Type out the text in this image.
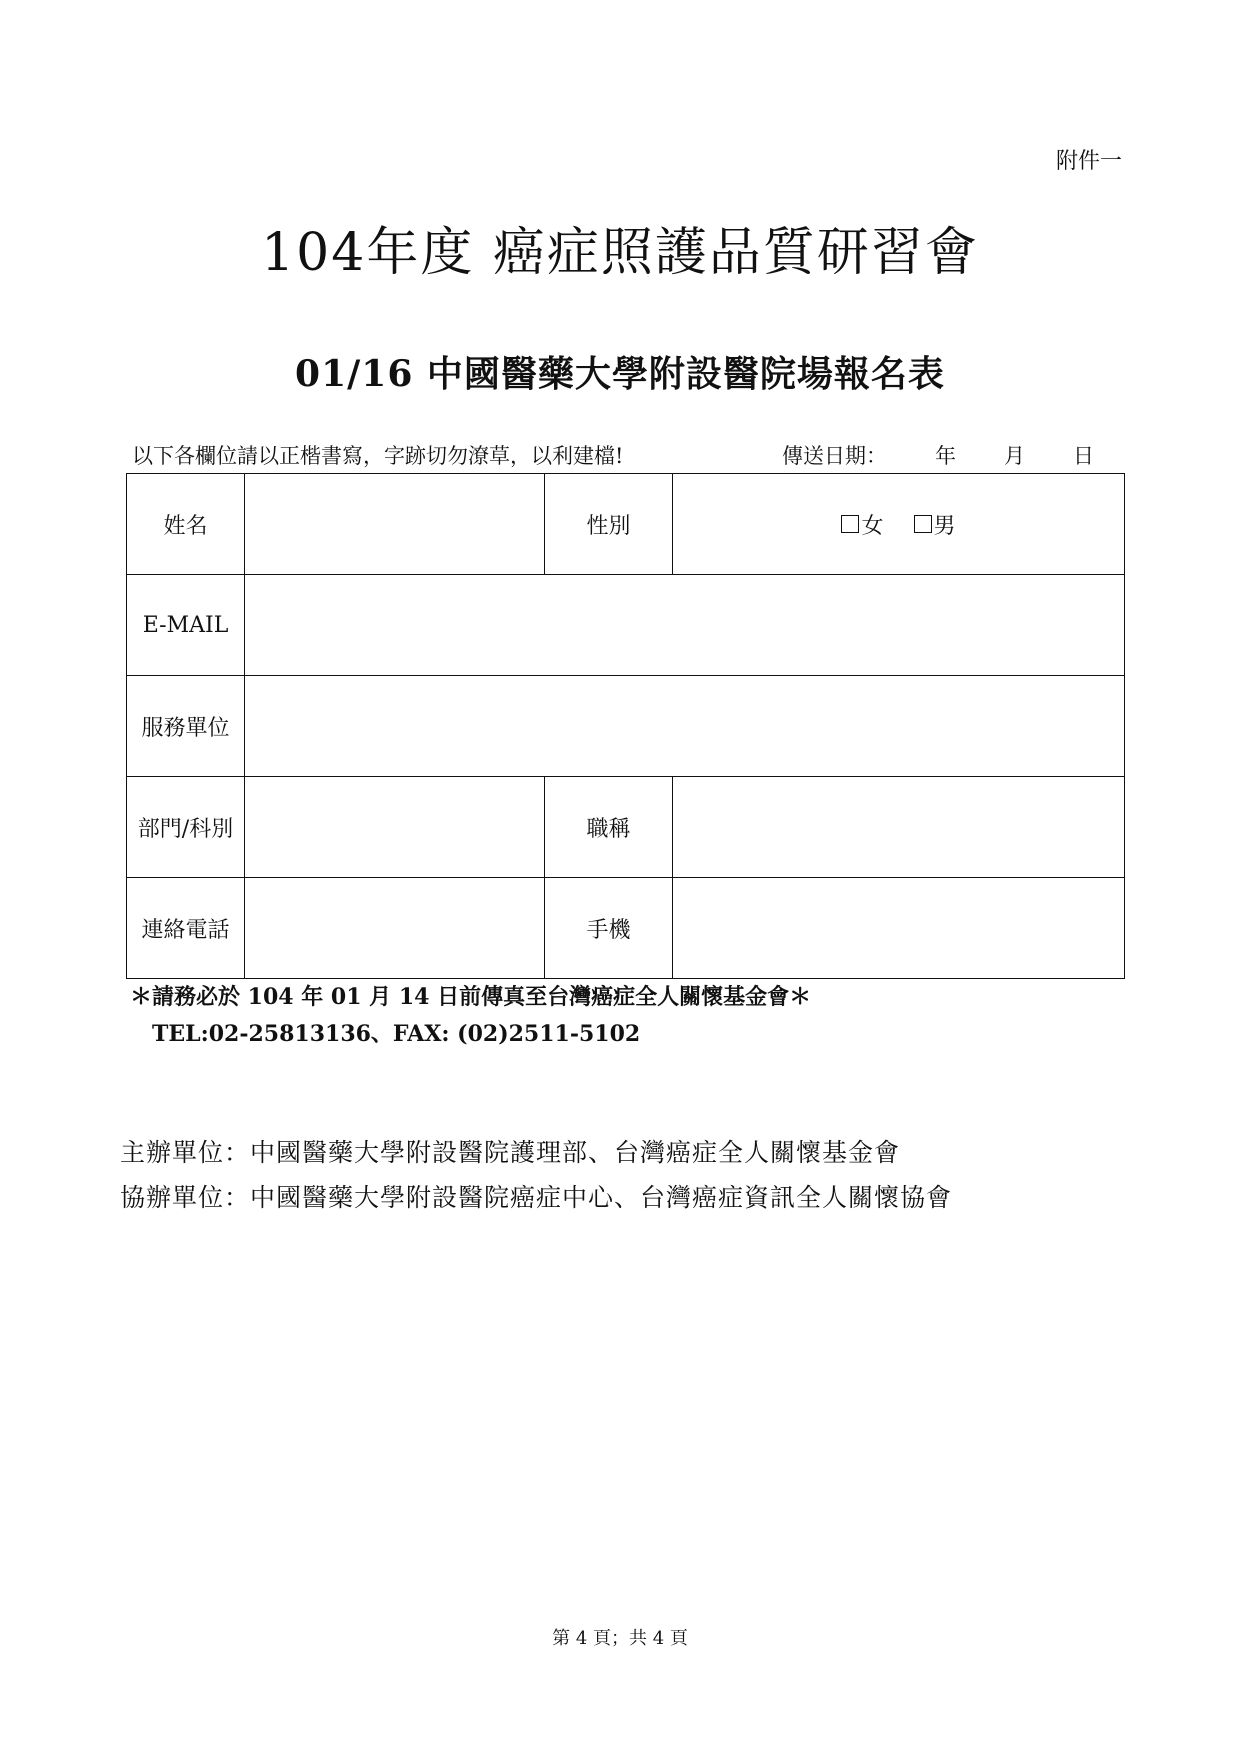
附件一
104年度 癌症照護品質研習會
01/16 中國醫藥大學附設醫院場報名表
以下各欄位請以正楷書寫，字跡切勿潦草，以利建檔!	傳送日期： 年 月 日
姓名		性別	女 男

E-MAIL			
服務單位			
部門/科別		職稱	
連絡電話		手機	
＊請務必於 104 年 01 月 14 日前傳真至台灣癌症全人關懷基金會＊
TEL:02-25813136、FAX: (02)2511-5102
主辦單位：中國醫藥大學附設醫院護理部、台灣癌症全人關懷基金會
協辦單位：中國醫藥大學附設醫院癌症中心、台灣癌症資訊全人關懷協會
第 4 頁；共 4 頁
